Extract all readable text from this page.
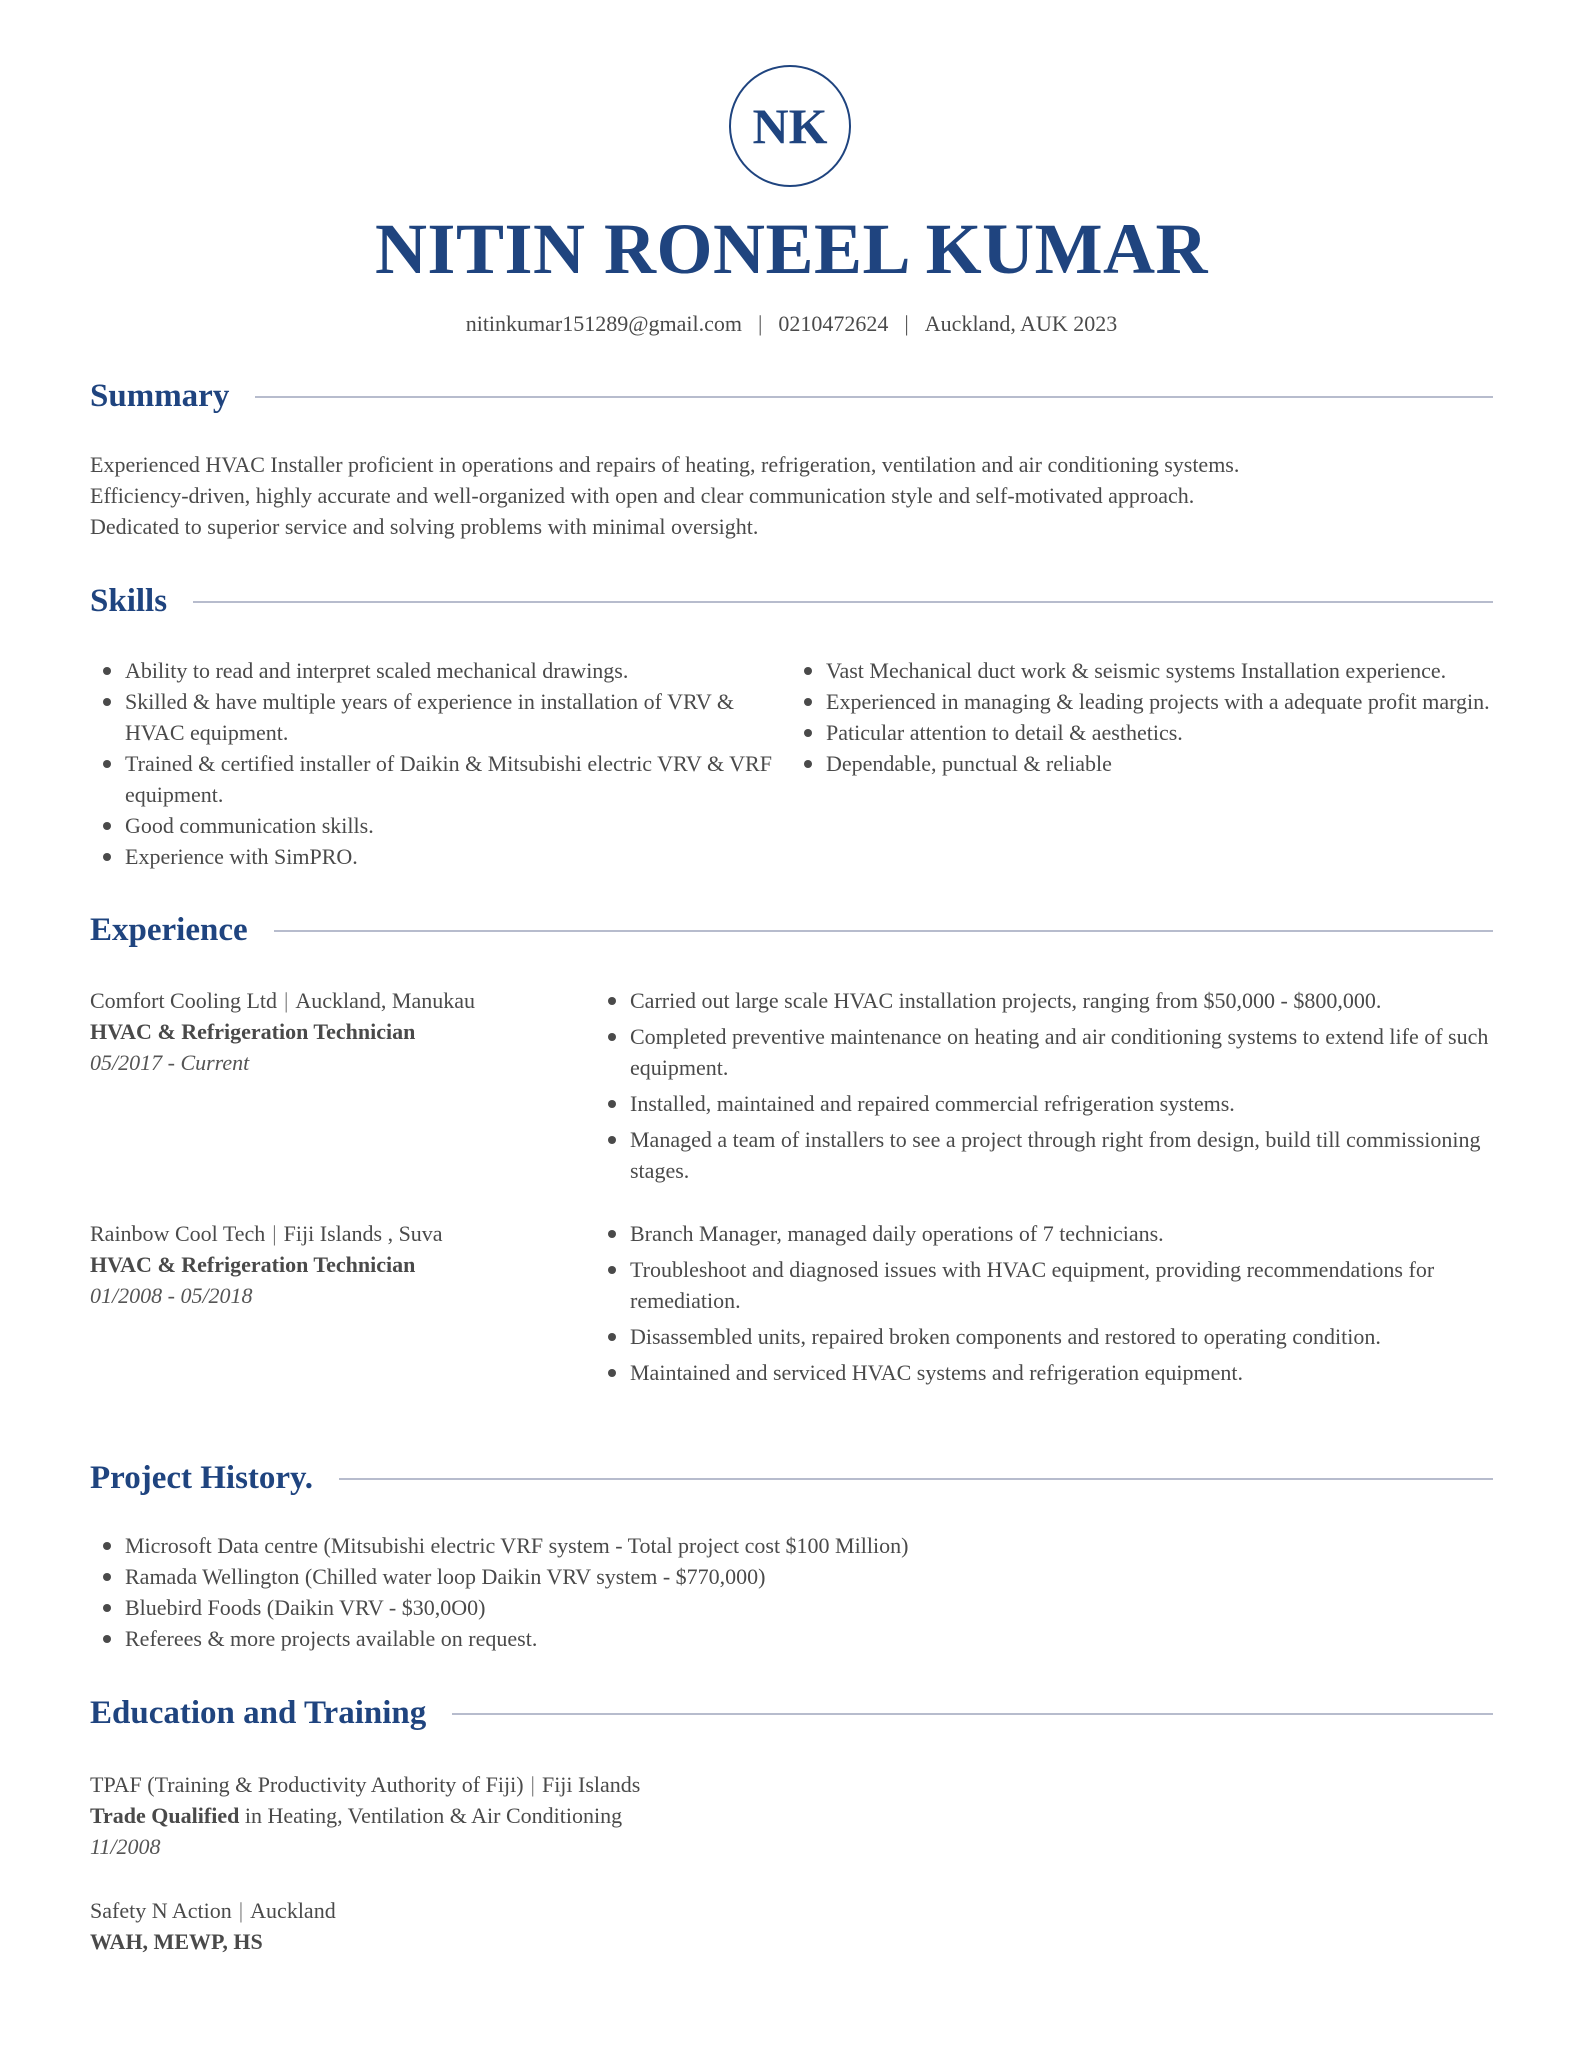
NK
NITIN RONEEL KUMAR
nitinkumar151289@gmail.com | 0210472624 | Auckland, AUK 2023
Summary
Experienced HVAC Installer proficient in operations and repairs of heating, refrigeration, ventilation and air conditioning systems.
Efficiency-driven, highly accurate and well-organized with open and clear communication style and self-motivated approach.
Dedicated to superior service and solving problems with minimal oversight.
Skills
Ability to read and interpret scaled mechanical drawings.
Skilled & have multiple years of experience in installation of VRV & HVAC equipment.
Trained & certified installer of Daikin & Mitsubishi electric VRV & VRF equipment.
Good communication skills.
Experience with SimPRO.
Vast Mechanical duct work & seismic systems Installation experience.
Experienced in managing & leading projects with a adequate profit margin.
Paticular attention to detail & aesthetics.
Dependable, punctual & reliable
Experience
Comfort Cooling Ltd | Auckland, Manukau
HVAC & Refrigeration Technician
05/2017 - Current
Carried out large scale HVAC installation projects, ranging from $50,000 - $800,000.
Completed preventive maintenance on heating and air conditioning systems to extend life of such equipment.
Installed, maintained and repaired commercial refrigeration systems.
Managed a team of installers to see a project through right from design, build till commissioning stages.
Rainbow Cool Tech | Fiji Islands , Suva
HVAC & Refrigeration Technician
01/2008 - 05/2018
Branch Manager, managed daily operations of 7 technicians.
Troubleshoot and diagnosed issues with HVAC equipment, providing recommendations for remediation.
Disassembled units, repaired broken components and restored to operating condition.
Maintained and serviced HVAC systems and refrigeration equipment.
Project History.
Microsoft Data centre (Mitsubishi electric VRF system - Total project cost $100 Million)
Ramada Wellington (Chilled water loop Daikin VRV system - $770,000)
Bluebird Foods (Daikin VRV - $30,0O0)
Referees & more projects available on request.
Education and Training
TPAF (Training & Productivity Authority of Fiji) | Fiji Islands
Trade Qualified in Heating, Ventilation & Air Conditioning
11/2008
Safety N Action | Auckland
WAH, MEWP, HS
